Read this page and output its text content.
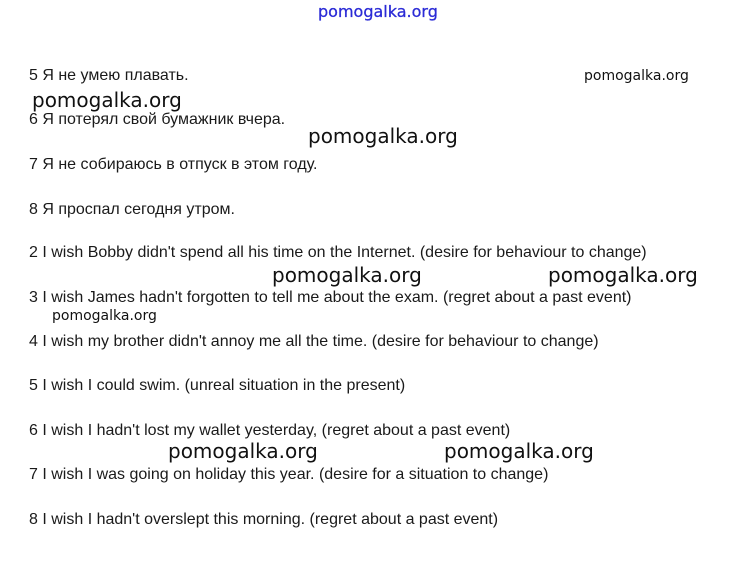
pomogalka.org
5 Я не умею плавать.
6 Я потерял свой бумажник вчера.
7 Я не собираюсь в отпуск в этом году.
8 Я проспал сегодня утром.
2 I wish Bobby didn't spend all his time on the Internet. (desire for behaviour to change)
3 I wish James hadn't forgotten to tell me about the exam. (regret about a past event)
4 I wish my brother didn't annoy me all the time. (desire for behaviour to change)
5 I wish I could swim. (unreal situation in the present)
6 I wish I hadn't lost my wallet yesterday, (regret about a past event)
7 I wish I was going on holiday this year. (desire for a situation to change)
8 I wish I hadn't overslept this morning. (regret about a past event)
pomogalka.org
pomogalka.org
pomogalka.org
pomogalka.org	pomogalka.org
pomogalka.org
pomogalka.org	pomogalka.org
